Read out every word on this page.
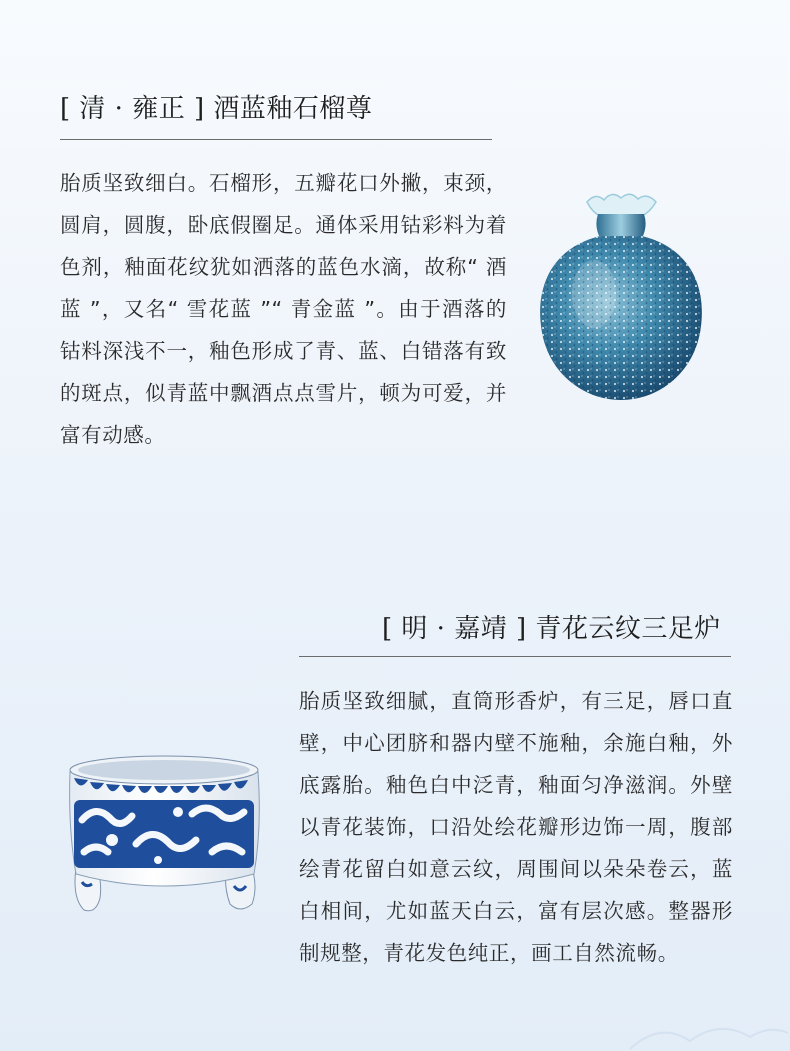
[ 清 · 雍正 ] 酒蓝釉石榴尊
胎质坚致细白。石榴形，五瓣花口外撇，束颈，圆肩，圆腹，卧底假圈足。通体采用钴彩料为着色剂，釉面花纹犹如洒落的蓝色水滴，故称“ 酒蓝 ”，又名“ 雪花蓝 ”“ 青金蓝 ”。由于酒落的钴料深浅不一，釉色形成了青、蓝、白错落有致的斑点，似青蓝中飘酒点点雪片，顿为可爱，并富有动感。
[ 明 · 嘉靖 ] 青花云纹三足炉
胎质坚致细腻，直筒形香炉，有三足，唇口直壁，中心团脐和器内壁不施釉，余施白釉，外底露胎。釉色白中泛青，釉面匀净滋润。外壁以青花装饰，口沿处绘花瓣形边饰一周，腹部绘青花留白如意云纹，周围间以朵朵卷云，蓝白相间，尤如蓝天白云，富有层次感。整器形制规整，青花发色纯正，画工自然流畅。
